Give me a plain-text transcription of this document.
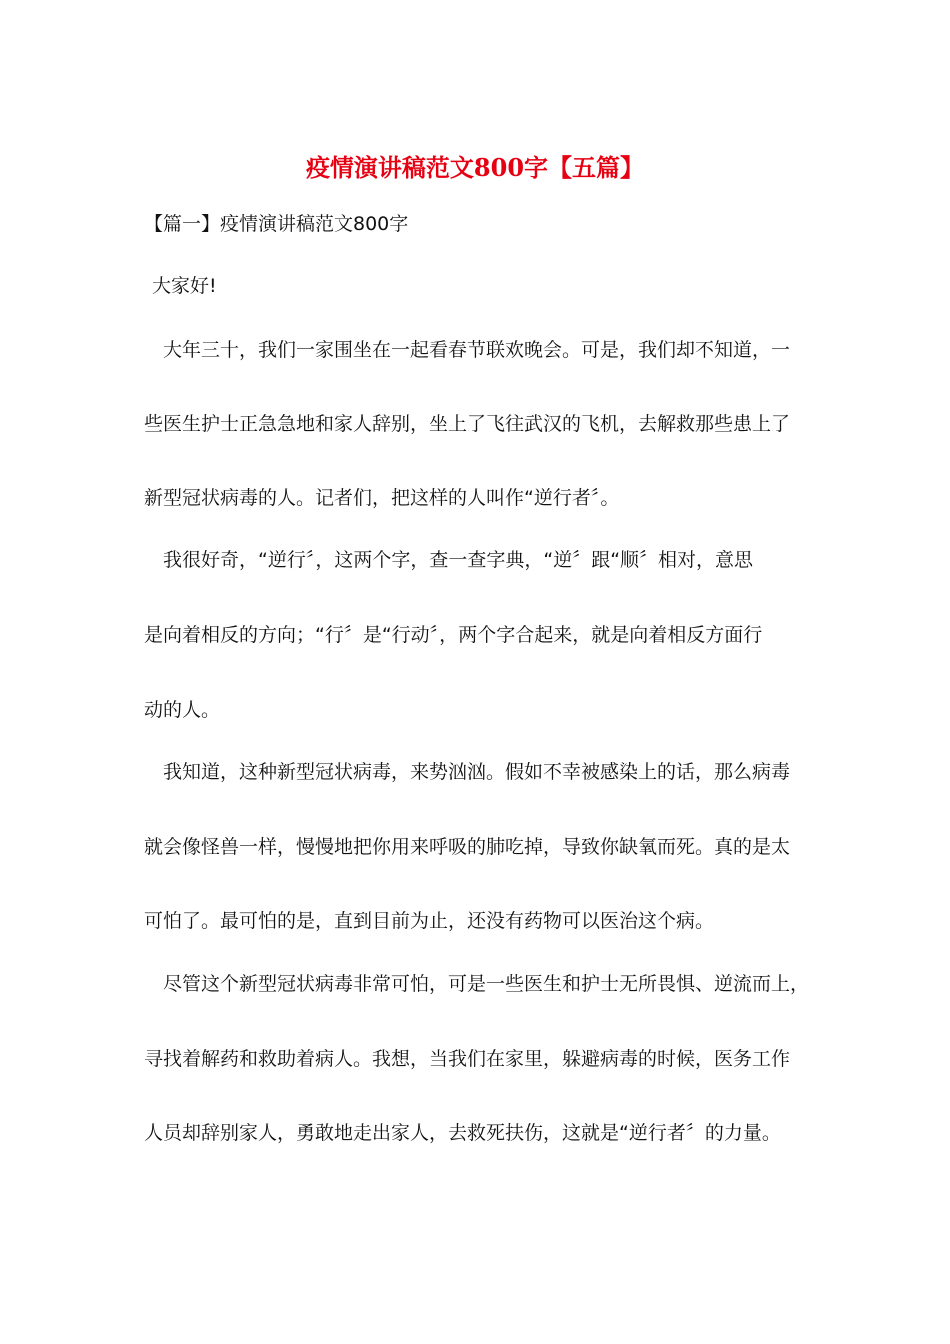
疫情演讲稿范文800字【五篇】
【篇一】疫情演讲稿范文800字
大家好!
大年三十，我们一家围坐在一起看春节联欢晚会。可是，我们却不知道，一
些医生护士正急急地和家人辞别，坐上了飞往武汉的飞机，去解救那些患上了
新型冠状病毒的人。记者们，把这样的人叫作“逆行者〞。
我很好奇，“逆行〞，这两个字，查一查字典，“逆〞跟“顺〞相对，意思
是向着相反的方向；“行〞是“行动〞，两个字合起来，就是向着相反方面行
动的人。
我知道，这种新型冠状病毒，来势汹汹。假如不幸被感染上的话，那么病毒
就会像怪兽一样，慢慢地把你用来呼吸的肺吃掉，导致你缺氧而死。真的是太
可怕了。最可怕的是，直到目前为止，还没有药物可以医治这个病。
尽管这个新型冠状病毒非常可怕，可是一些医生和护士无所畏惧、逆流而上，
寻找着解药和救助着病人。我想，当我们在家里，躲避病毒的时候，医务工作
人员却辞别家人，勇敢地走出家人，去救死扶伤，这就是“逆行者〞的力量。
